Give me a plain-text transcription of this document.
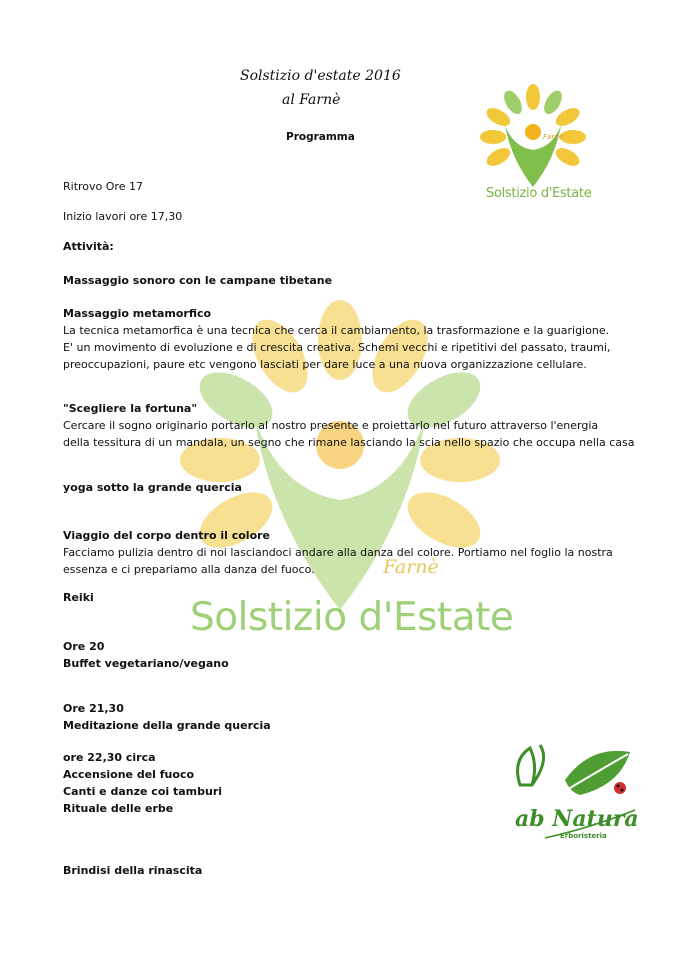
Farnè
Solstizio d'Estate
Farnè
Solstizio d'Estate
Solstizio d'estate 2016
al Farnè
Programma
Ritrovo Ore 17
Inizio lavori ore 17,30
Attività:
Massaggio sonoro con le campane tibetane

Massaggio metamorfico

La tecnica metamorfica è una tecnica che cerca il cambiamento, la trasformazione e la guarigione.

E' un movimento di evoluzione e di crescita creativa. Schemi vecchi e ripetitivi del passato, traumi,

preoccupazioni, paure etc vengono lasciati per dare luce a una nuova organizzazione cellulare.

"Scegliere la fortuna"

Cercare il sogno originario portarlo al nostro presente e proiettarlo nel futuro attraverso l'energia

della tessitura di un mandala, un segno che rimane lasciando la scia nello spazio che occupa nella casa

yoga sotto la grande quercia

Viaggio del corpo dentro il colore

Facciamo pulizia dentro di noi lasciandoci andare alla danza del colore. Portiamo nel foglio la nostra

essenza e ci prepariamo alla danza del fuoco.

Reiki
Ore 20
Buffet vegetariano/vegano
Ore 21,30
Meditazione della grande quercia
ore 22,30 circa
Accensione del fuoco
Canti e danze coi tamburi
Rituale delle erbe
Brindisi della rinascita
ab Natura
Erboristeria
